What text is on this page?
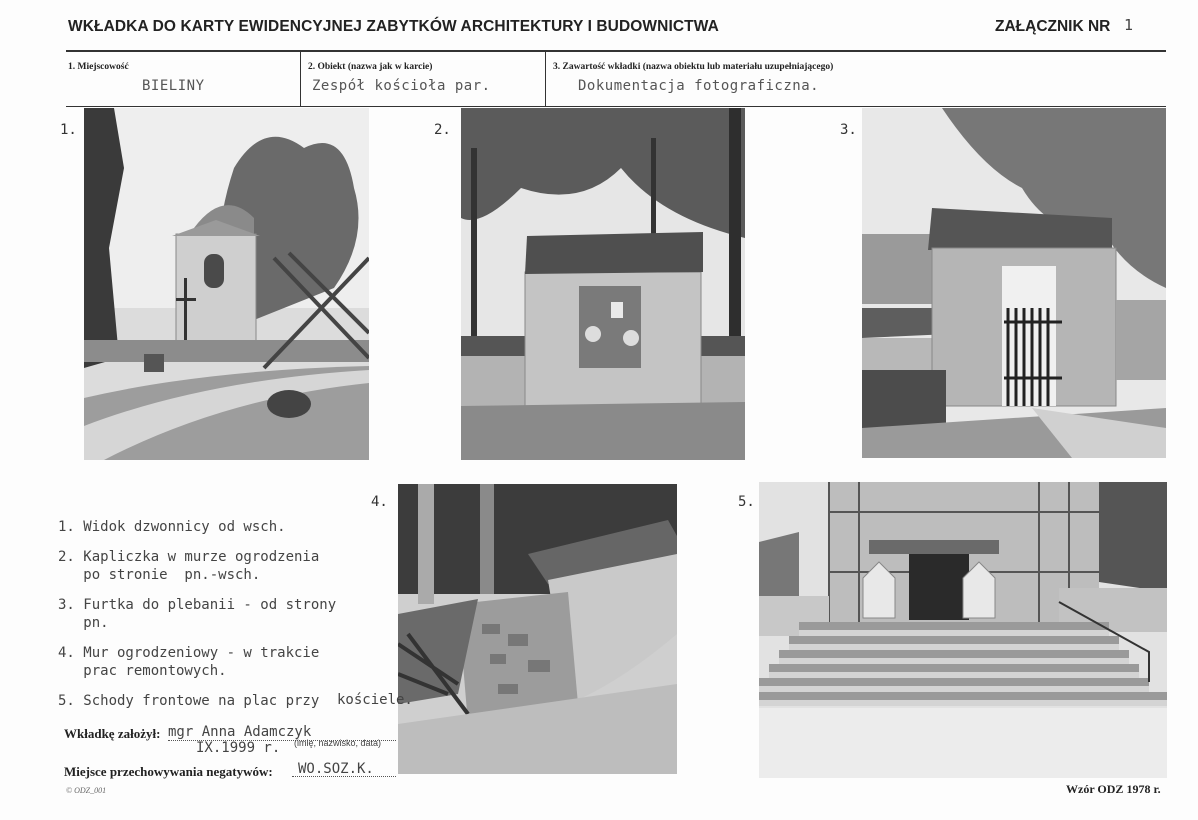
WKŁADKA DO KARTY EWIDENCYJNEJ ZABYTKÓW ARCHITEKTURY I BUDOWNICTWA	ZAŁĄCZNIK NR 1
1. Miejscowość
BIELINY
2. Obiekt (nazwa jak w karcie)
Zespół kościoła par.
3. Zawartość wkładki (nazwa obiektu lub materiału uzupełniającego)
Dokumentacja fotograficzna.
1.	2.	3.
4.	5.
1. Widok dzwonnicy od wsch.
2. Kapliczka w murze ogrodzenia
po stronie  pn.-wsch.
3. Furtka do plebanii - od strony
pn.
4. Mur ogrodzeniowy - w trakcie
prac remontowych.
5. Schody frontowe na plac przy	kościele.
Wkładkę założył: mgr Anna Adamczyk
IX.1999 r. (imię, nazwisko, data)
Miejsce przechowywania negatywów: WO.SOZ.K.
© ODZ_001	Wzór ODZ 1978 r.
